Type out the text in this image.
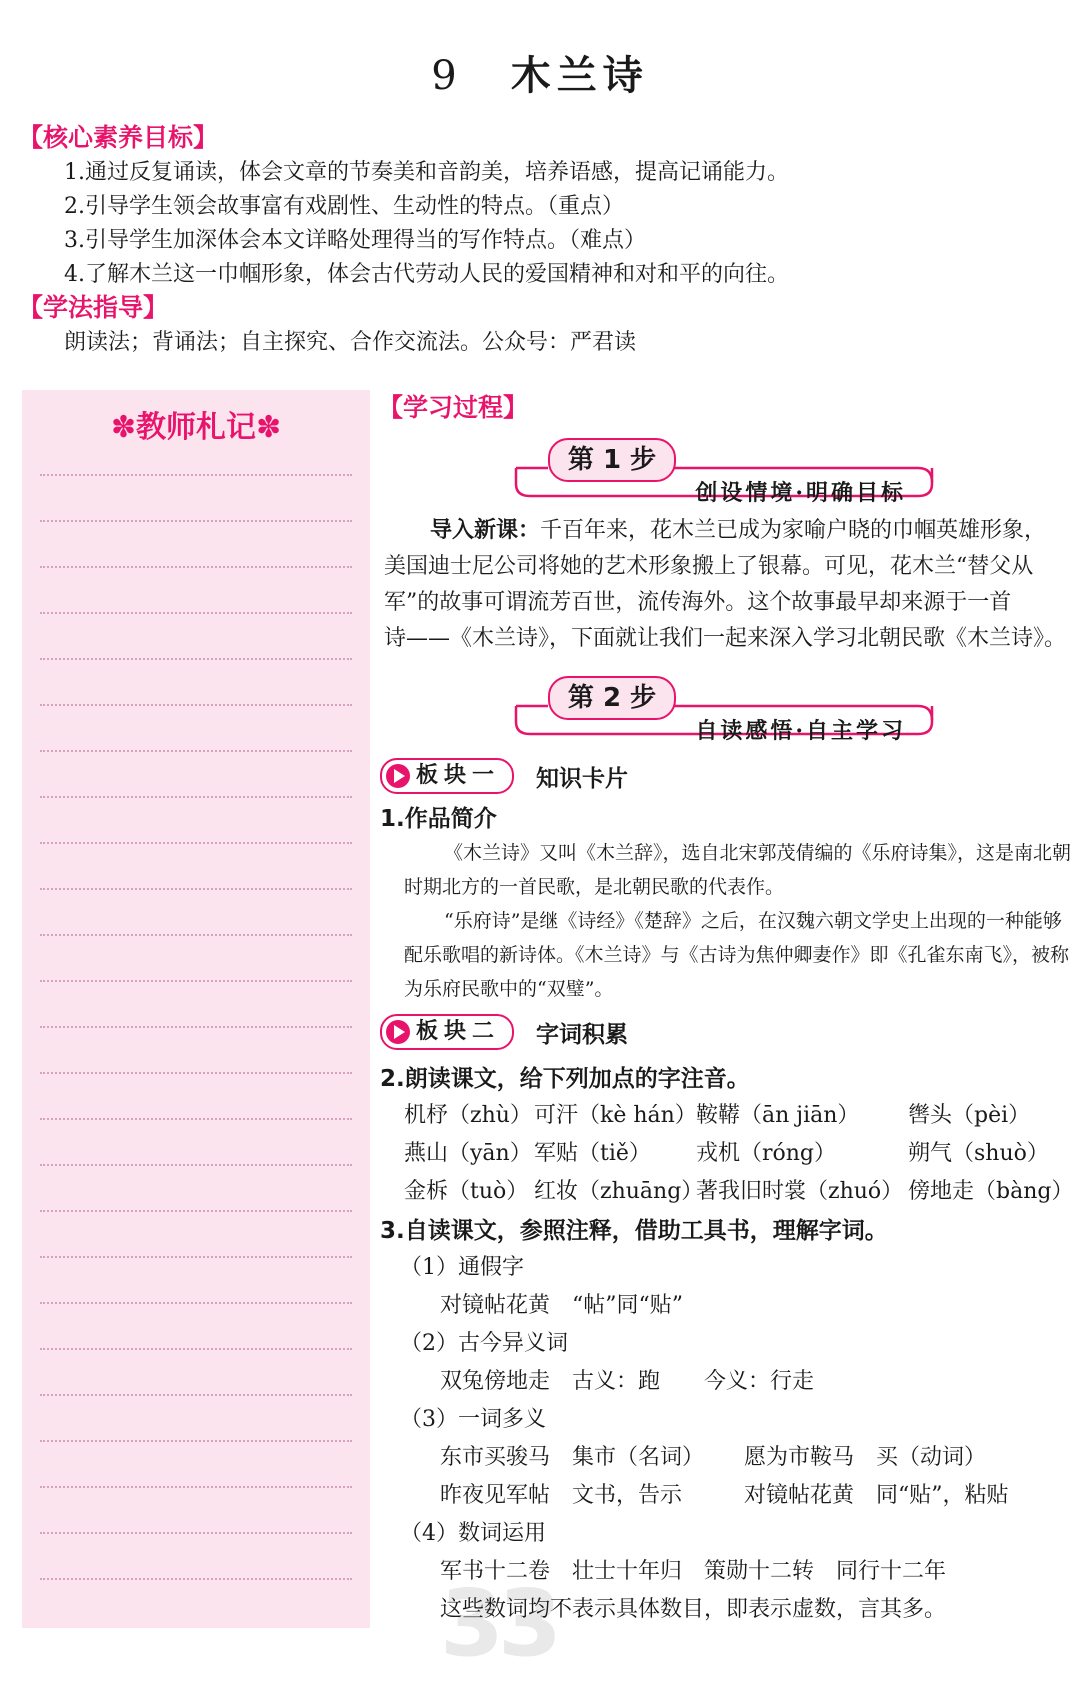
9 木兰诗
【核心素养目标】
1.通过反复诵读，体会文章的节奏美和音韵美，培养语感，提高记诵能力。
2.引导学生领会故事富有戏剧性、生动性的特点。（重点）
3.引导学生加深体会本文详略处理得当的写作特点。（难点）
4.了解木兰这一巾帼形象，体会古代劳动人民的爱国精神和对和平的向往。
【学法指导】
朗读法；背诵法；自主探究、合作交流法。公众号：严君读
✽教师札记✽
【学习过程】
第 1 步
创设情境·明确目标
导入新课：千百年来，花木兰已成为家喻户晓的巾帼英雄形象，
美国迪士尼公司将她的艺术形象搬上了银幕。可见，花木兰“替父从
军”的故事可谓流芳百世，流传海外。这个故事最早却来源于一首
诗——《木兰诗》，下面就让我们一起来深入学习北朝民歌《木兰诗》。
第 2 步
自读感悟·自主学习
板块一 知识卡片
1.作品简介
《木兰诗》又叫《木兰辞》，选自北宋郭茂倩编的《乐府诗集》，这是南北朝
时期北方的一首民歌，是北朝民歌的代表作。
“乐府诗”是继《诗经》《楚辞》之后，在汉魏六朝文学史上出现的一种能够
配乐歌唱的新诗体。《木兰诗》与《古诗为焦仲卿妻作》即《孔雀东南飞》，被称
为乐府民歌中的“双璧”。
板块二 字词积累
2.朗读课文，给下列加点的字注音。
机杼（zhù） 可汗（kè hán） 鞍鞯（ān jiān） 辔头（pèi）
燕山（yān） 军贴（tiě） 戎机（róng）	朔气（shuò）
金柝（tuò） 红妆（zhuāng）
著我旧时裳（zhuó） 傍地走（bàng）
3.自读课文，参照注释，借助工具书，理解字词。
（1）通假字
对镜帖花黄　“帖”同“贴”
（2）古今异义词
双兔傍地走　古义：跑　　今义：行走
（3）一词多义
东市买骏马　集市（名词） 愿为市鞍马　买（动词）
昨夜见军帖　文书，告示	对镜帖花黄　同“贴”，粘贴
33
（4）数词运用
军书十二卷　壮士十年归　策勋十二转　同行十二年
这些数词均不表示具体数目，即表示虚数，言其多。
